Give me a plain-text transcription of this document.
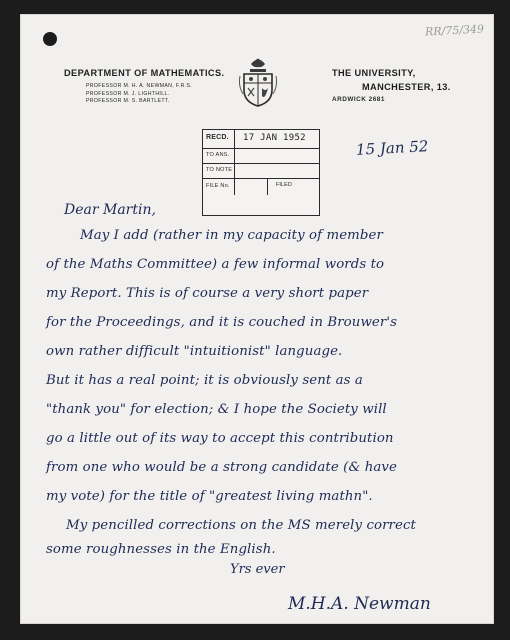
RR/75/349
DEPARTMENT OF MATHEMATICS.
PROFESSOR M. H. A. NEWMAN, F.R.S.
PROFESSOR M. J. LIGHTHILL.
PROFESSOR M. S. BARTLETT.
THE UNIVERSITY,
MANCHESTER, 13.
ARDWICK 2681
RECD. 17 JAN 1952
TO ANS.
TO NOTE
FILE No.	FILED
15 Jan 52
Dear Martin,
May I add (rather in my capacity of member
of the Maths Committee) a few informal words to
my Report. This is of course a very short paper
for the Proceedings, and it is couched in Brouwer's
own rather difficult "intuitionist" language.
But it has a real point; it is obviously sent as a
"thank you" for election; & I hope the Society will
go a little out of its way to accept this contribution
from one who would be a strong candidate (& have
my vote) for the title of "greatest living mathn".
My pencilled corrections on the MS merely correct
some roughnesses in the English.
Yrs ever
M.H.A. Newman
